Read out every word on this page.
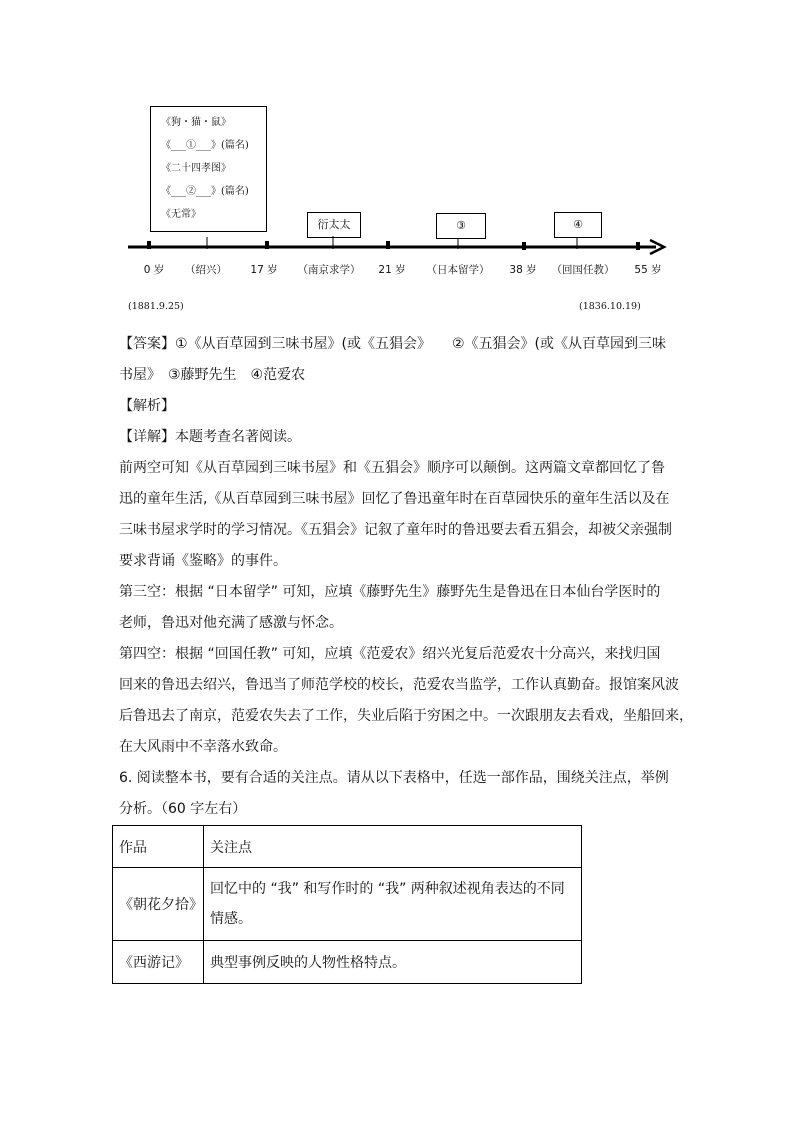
《狗・猫・鼠》
《___①___》(篇名)
《二十四孝图》
《___②___》(篇名)
《无常》
衍太太	③	④
0 岁 （绍兴） 17 岁 （南京求学） 21 岁 （日本留学） 38 岁 （回国任教） 55 岁
(1881.9.25)	(1836.10.19)
【答案】①《从百草园到三味书屋》(或《五猖会》　　②《五猖会》(或《从百草园到三味
书屋》　③藤野先生　④范爱农
【解析】
【详解】本题考查名著阅读。
前两空可知《从百草园到三味书屋》和《五猖会》顺序可以颠倒。这两篇文章都回忆了鲁
迅的童年生活,《从百草园到三味书屋》回忆了鲁迅童年时在百草园快乐的童年生活以及在
三味书屋求学时的学习情况。《五猖会》记叙了童年时的鲁迅要去看五猖会，却被父亲强制
要求背诵《鉴略》的事件。
第三空：根据 “日本留学” 可知，应填《藤野先生》藤野先生是鲁迅在日本仙台学医时的
老师，鲁迅对他充满了感激与怀念。
第四空：根据 “回国任教” 可知，应填《范爱农》绍兴光复后范爱农十分高兴，来找归国
回来的鲁迅去绍兴，鲁迅当了师范学校的校长，范爱农当监学，工作认真勤奋。报馆案风波
后鲁迅去了南京，范爱农失去了工作，失业后陷于穷困之中。一次跟朋友去看戏，坐船回来，
在大风雨中不幸落水致命。
6. 阅读整本书，要有合适的关注点。请从以下表格中，任选一部作品，围绕关注点，举例
分析。（60 字左右）
作品	关注点
《朝花夕拾》	回忆中的 “我” 和写作时的 “我” 两种叙述视角表达的不同
情感。

《西游记》	典型事例反映的人物性格特点。
